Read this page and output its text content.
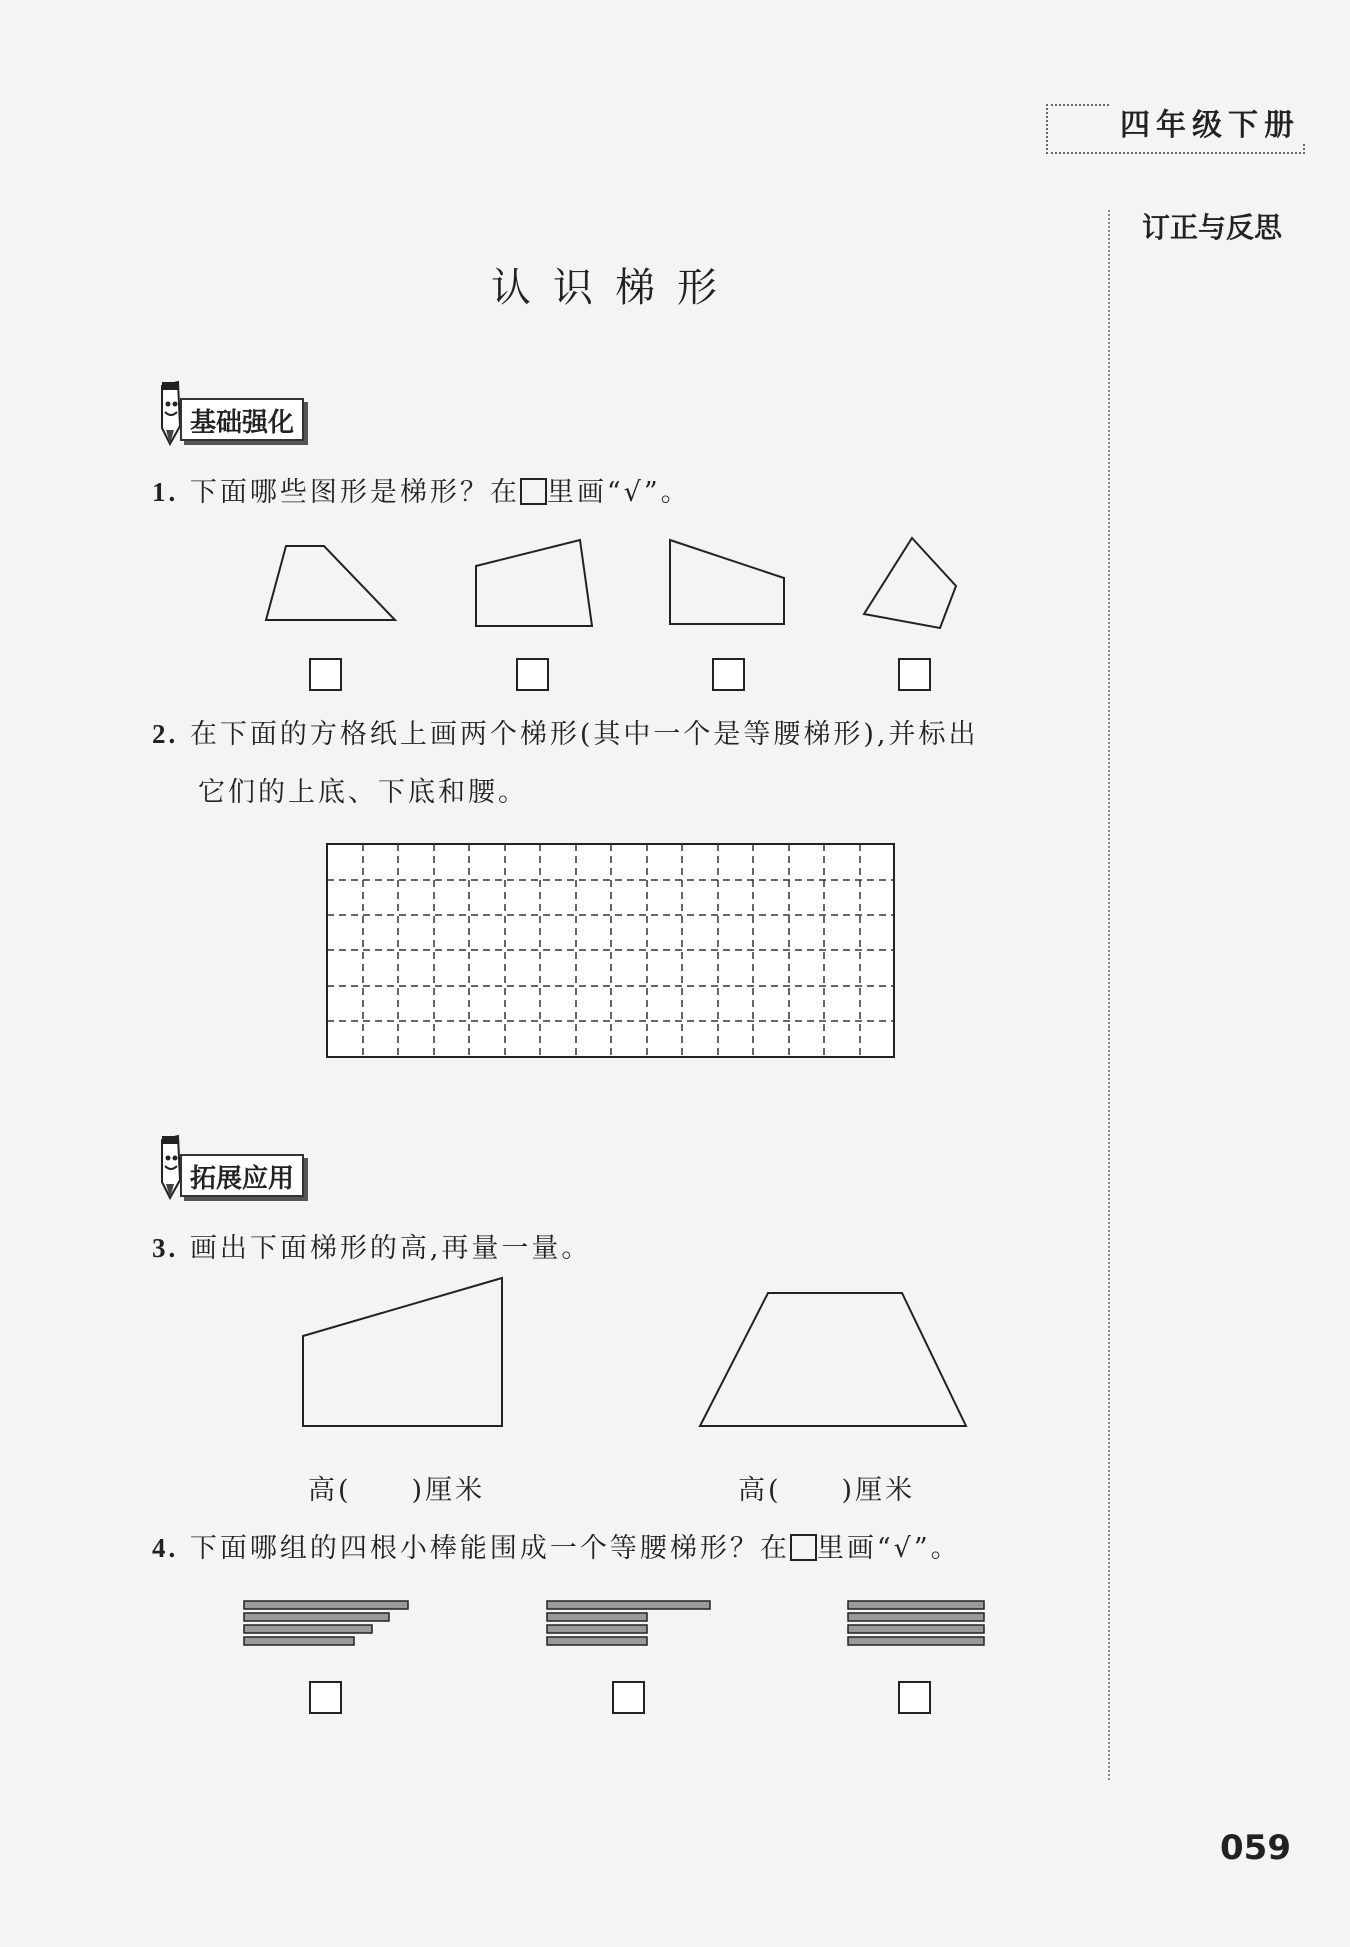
四年级下册
订正与反思
认识梯形
基础强化
1. 下面哪些图形是梯形？在 里画“√”。
2. 在下面的方格纸上画两个梯形(其中一个是等腰梯形),并标出
它们的上底、下底和腰。
拓展应用
3. 画出下面梯形的高,再量一量。
高(　　)厘米	高(　　)厘米
4. 下面哪组的四根小棒能围成一个等腰梯形？在 里画“√”。
059
